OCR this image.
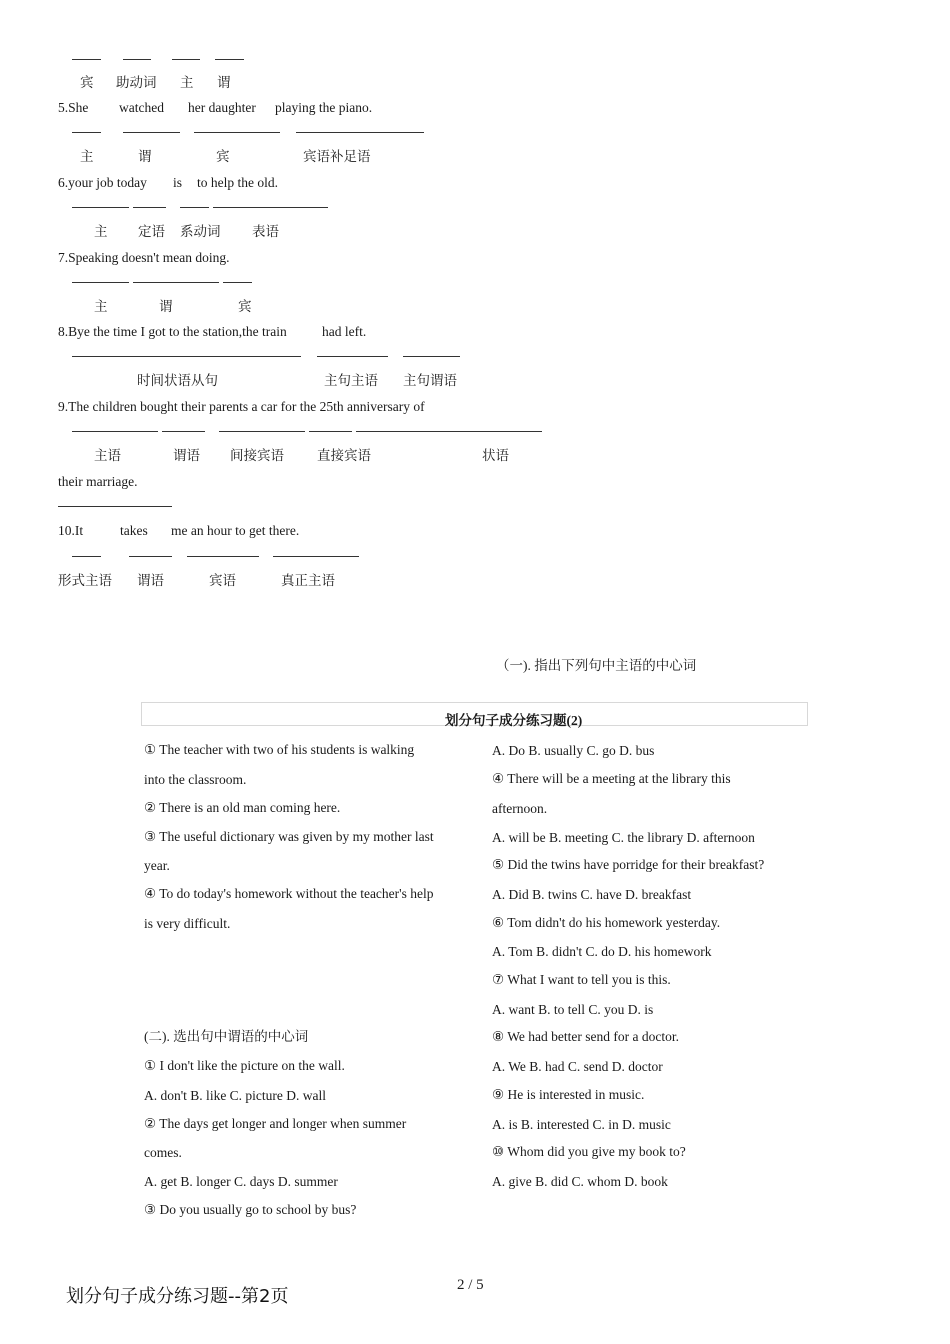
宾 助动词 主 谓
5.She watched her daughter playing the piano.
主	谓	宾	宾语补足语
6.your job today is to help the old.
主 定语 系动词 表语
7.Speaking doesn't mean doing.
主	谓	宾
8.Bye the time I got to the station,the train	had left.
时间状语从句	主句主语 主句谓语
9.The children bought their parents a car for the 25th anniversary of
主语	谓语 间接宾语 直接宾语	状语
their marriage.
10.It	takes me an hour to get there.
形式主语 谓语	宾语	真正主语
（一). 指出下列句中主语的中心词
划分句子成分练习题(2)
① The teacher with two of his students is walking
into the classroom.
② There is an old man coming here.
③ The useful dictionary was given by my mother last
year.
④ To do today's homework without the teacher's help
is very difficult.
(二). 选出句中谓语的中心词
① I don't like the picture on the wall.
A. don't B. like C. picture D. wall
② The days get longer and longer when summer
comes.
A. get B. longer C. days D. summer
③ Do you usually go to school by bus?
A. Do B. usually C. go D. bus
④ There will be a meeting at the library this
afternoon.
A. will be B. meeting C. the library D. afternoon
⑤ Did the twins have porridge for their breakfast?
A. Did B. twins C. have D. breakfast
⑥ Tom didn't do his homework yesterday.
A. Tom B. didn't C. do D. his homework
⑦ What I want to tell you is this.
A. want B. to tell C. you D. is
⑧ We had better send for a doctor.
A. We B. had C. send D. doctor
⑨ He is interested in music.
A. is B. interested C. in D. music
⑩ Whom did you give my book to?
A. give B. did C. whom D. book
2 / 5
划分句子成分练习题--第2页
